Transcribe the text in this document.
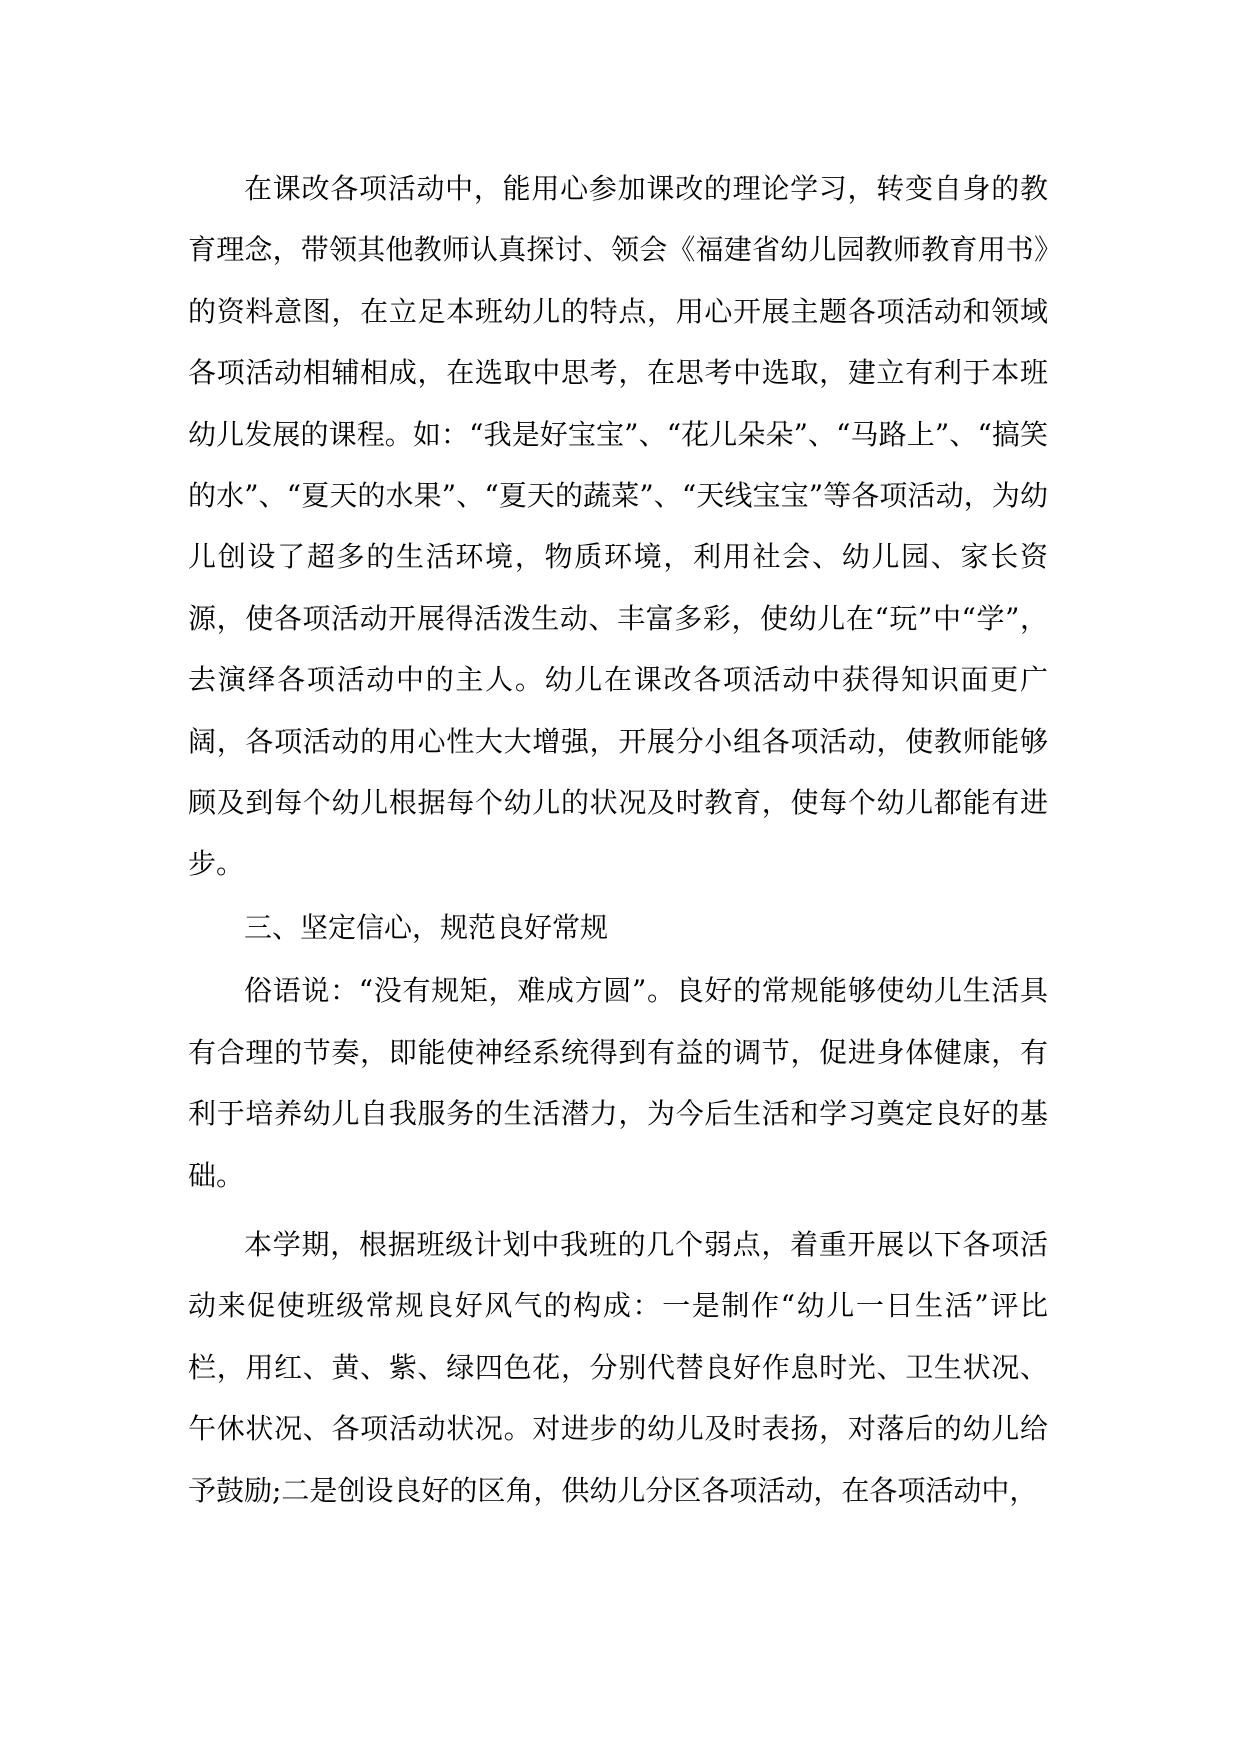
在课改各项活动中，能用心参加课改的理论学习，转变自身的教育理念，带领其他教师认真探讨、领会《福建省幼儿园教师教育用书》的资料意图，在立足本班幼儿的特点，用心开展主题各项活动和领域各项活动相辅相成，在选取中思考，在思考中选取，建立有利于本班幼儿发展的课程。如：“我是好宝宝”、“花儿朵朵”、“马路上”、“搞笑的水”、“夏天的水果”、“夏天的蔬菜”、“天线宝宝”等各项活动，为幼儿创设了超多的生活环境，物质环境，利用社会、幼儿园、家长资源，使各项活动开展得活泼生动、丰富多彩，使幼儿在“玩”中“学”，去演绎各项活动中的主人。幼儿在课改各项活动中获得知识面更广阔，各项活动的用心性大大增强，开展分小组各项活动，使教师能够顾及到每个幼儿根据每个幼儿的状况及时教育，使每个幼儿都能有进步。

三、坚定信心，规范良好常规

俗语说：“没有规矩，难成方圆”。良好的常规能够使幼儿生活具有合理的节奏，即能使神经系统得到有益的调节，促进身体健康，有利于培养幼儿自我服务的生活潜力，为今后生活和学习奠定良好的基础。

本学期，根据班级计划中我班的几个弱点，着重开展以下各项活动来促使班级常规良好风气的构成：一是制作“幼儿一日生活”评比栏，用红、黄、紫、绿四色花，分别代替良好作息时光、卫生状况、午休状况、各项活动状况。对进步的幼儿及时表扬，对落后的幼儿给予鼓励;二是创设良好的区角，供幼儿分区各项活动，在各项活动中，
